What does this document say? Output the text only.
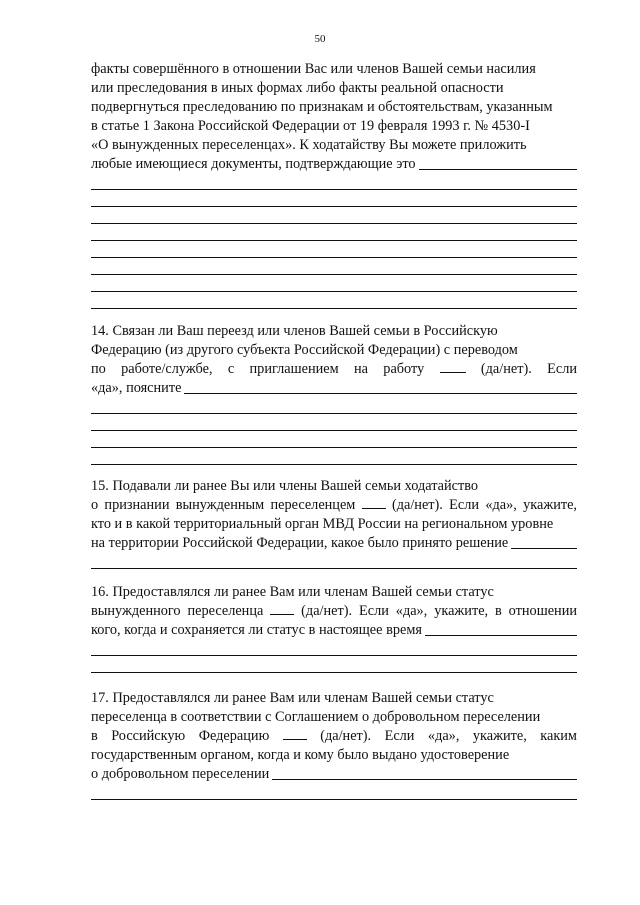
50

факты совершённого в отношении Вас или членов Вашей семьи насилия

или преследования в иных формах либо факты реальной опасности

подвергнуться преследованию по признакам и обстоятельствам, указанным

в статье 1 Закона Российской Федерации от 19 февраля 1993 г. № 4530-I

«О вынужденных переселенцах». К ходатайству Вы можете приложить

любые имеющиеся документы, подтверждающие это

14. Связан ли Ваш переезд или членов Вашей семьи в Российскую

Федерацию (из другого субъекта Российской Федерации) с переводом

по работе/службе, с приглашением на работу	(да/нет). Если

«да», поясните

15. Подавали ли ранее Вы или члены Вашей семьи ходатайство

о признании вынужденным переселенцем	(да/нет). Если «да», укажите,

кто и в какой территориальный орган МВД России на региональном уровне

на территории Российской Федерации, какое было принято решение

16. Предоставлялся ли ранее Вам или членам Вашей семьи статус

вынужденного переселенца	(да/нет). Если «да», укажите, в отношении

кого, когда и сохраняется ли статус в настоящее время

17. Предоставлялся ли ранее Вам или членам Вашей семьи статус

переселенца в соответствии с Соглашением о добровольном переселении

в Российскую Федерацию	(да/нет). Если «да», укажите, каким

государственным органом, когда и кому было выдано удостоверение

о добровольном переселении
